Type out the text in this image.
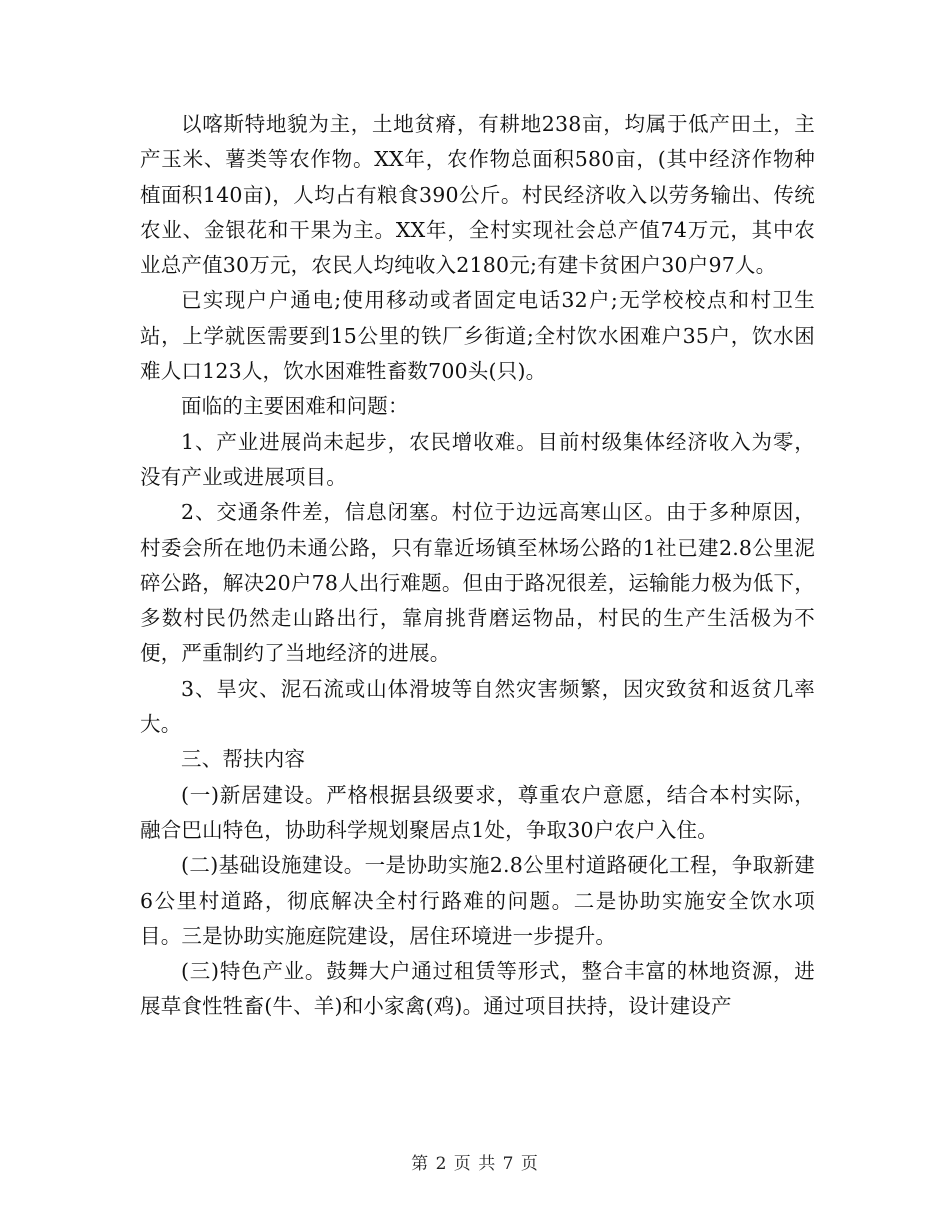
以喀斯特地貌为主，土地贫瘠，有耕地238亩，均属于低产田土，主产玉米、薯类等农作物。XX年，农作物总面积580亩，(其中经济作物种植面积140亩)，人均占有粮食390公斤。村民经济收入以劳务输出、传统农业、金银花和干果为主。XX年，全村实现社会总产值74万元，其中农业总产值30万元，农民人均纯收入2180元;有建卡贫困户30户97人。

已实现户户通电;使用移动或者固定电话32户;无学校校点和村卫生站，上学就医需要到15公里的铁厂乡街道;全村饮水困难户35户，饮水困难人口123人，饮水困难牲畜数700头(只)。

面临的主要困难和问题：

1、产业进展尚未起步，农民增收难。目前村级集体经济收入为零，没有产业或进展项目。

2、交通条件差，信息闭塞。村位于边远高寒山区。由于多种原因，村委会所在地仍未通公路，只有靠近场镇至林场公路的1社已建2.8公里泥碎公路，解决20户78人出行难题。但由于路况很差，运输能力极为低下，多数村民仍然走山路出行，靠肩挑背磨运物品，村民的生产生活极为不便，严重制约了当地经济的进展。

3、旱灾、泥石流或山体滑坡等自然灾害频繁，因灾致贫和返贫几率大。

三、帮扶内容

(一)新居建设。严格根据县级要求，尊重农户意愿，结合本村实际，融合巴山特色，协助科学规划聚居点1处，争取30户农户入住。

(二)基础设施建设。一是协助实施2.8公里村道路硬化工程，争取新建6公里村道路，彻底解决全村行路难的问题。二是协助实施安全饮水项目。三是协助实施庭院建设，居住环境进一步提升。

(三)特色产业。鼓舞大户通过租赁等形式，整合丰富的林地资源，进展草食性牲畜(牛、羊)和小家禽(鸡)。通过项目扶持，设计建设产

第 2 页 共 7 页
